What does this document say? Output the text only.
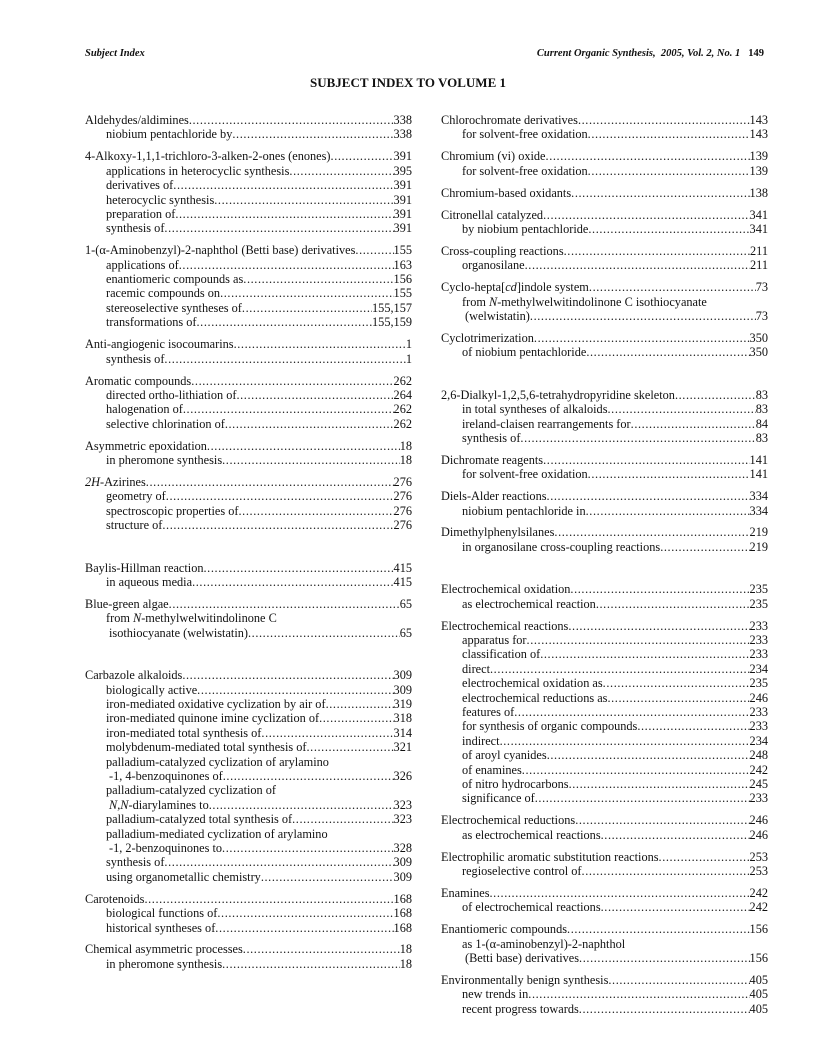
Subject Index	Current Organic Synthesis,  2005, Vol. 2, No. 1 149
SUBJECT INDEX TO VOLUME 1
Aldehydes/aldimines .....	338
niobium pentachloride by .....	338
4-Alkoxy-1,1,1-trichloro-3-alken-2-ones (enones) .....	391
applications in heterocyclic synthesis .....	395
derivatives of .....	391
heterocyclic synthesis .....	391
preparation of .....	391
synthesis of .....	391
1-(α-Aminobenzyl)-2-naphthol (Betti base) derivatives .....	155
applications of .....	163
enantiomeric compounds as .....	156
racemic compounds on .....	155
stereoselective syntheses of .....	155,157
transformations of .....	155,159
Anti-angiogenic isocoumarins .....	1
synthesis of .....	1
Aromatic compounds .....	262
directed ortho-lithiation of .....	264
halogenation of .....	262
selective chlorination of .....	262
Asymmetric epoxidation .....	18
in pheromone synthesis .....	18
2H-Azirines .....	276
geometry of .....	276
spectroscopic properties of .....	276
structure of .....	276
Baylis-Hillman reaction .....	415
in aqueous media .....	415
Blue-green algae .....	65
from N-methylwelwitindolinone C
isothiocyanate (welwistatin) .....	65
Carbazole alkaloids .....	309
biologically active .....	309
iron-mediated oxidative cyclization by air of .....	319
iron-mediated quinone imine cyclization of .....	318
iron-mediated total synthesis of .....	314
molybdenum-mediated total synthesis of .....	321
palladium-catalyzed cyclization of arylamino
-1, 4-benzoquinones of .....	326
palladium-catalyzed cyclization of
N,N-diarylamines to .....	323
palladium-catalyzed total synthesis of .....	323
palladium-mediated cyclization of arylamino
-1, 2-benzoquinones to .....	328
synthesis of .....	309
using organometallic chemistry .....	309
Carotenoids .....	168
biological functions of .....	168
historical syntheses of .....	168
Chemical asymmetric processes .....	18
in pheromone synthesis .....	18
Chlorochromate derivatives .....	143
for solvent-free oxidation .....	143
Chromium (vi) oxide .....	139
for solvent-free oxidation .....	139
Chromium-based oxidants .....	138
Citronellal catalyzed .....	341
by niobium pentachloride .....	341
Cross-coupling reactions .....	211
organosilane .....	211
Cyclo-hepta[cd]indole system .....	73
from N-methylwelwitindolinone C isothiocyanate
(welwistatin) .....	73
Cyclotrimerization .....	350
of niobium pentachloride .....	350
2,6-Dialkyl-1,2,5,6-tetrahydropyridine skeleton .....	83
in total syntheses of alkaloids .....	83
ireland-claisen rearrangements for .....	84
synthesis of .....	83
Dichromate reagents .....	141
for solvent-free oxidation .....	141
Diels-Alder reactions .....	334
niobium pentachloride in .....	334
Dimethylphenylsilanes .....	219
in organosilane cross-coupling reactions .....	219
Electrochemical oxidation .....	235
as electrochemical reaction .....	235
Electrochemical reactions .....	233
apparatus for .....	233
classification of .....	233
direct .....	234
electrochemical oxidation as .....	235
electrochemical reductions as .....	246
features of .....	233
for synthesis of organic compounds .....	233
indirect .....	234
of aroyl cyanides .....	248
of enamines .....	242
of nitro hydrocarbons .....	245
significance of .....	233
Electrochemical reductions .....	246
as electrochemical reactions .....	246
Electrophilic aromatic substitution reactions .....	253
regioselective control of .....	253
Enamines .....	242
of electrochemical reactions .....	242
Enantiomeric compounds .....	156
as 1-(α-aminobenzyl)-2-naphthol
(Betti base) derivatives .....	156
Environmentally benign synthesis .....	405
new trends in .....	405
recent progress towards .....	405
